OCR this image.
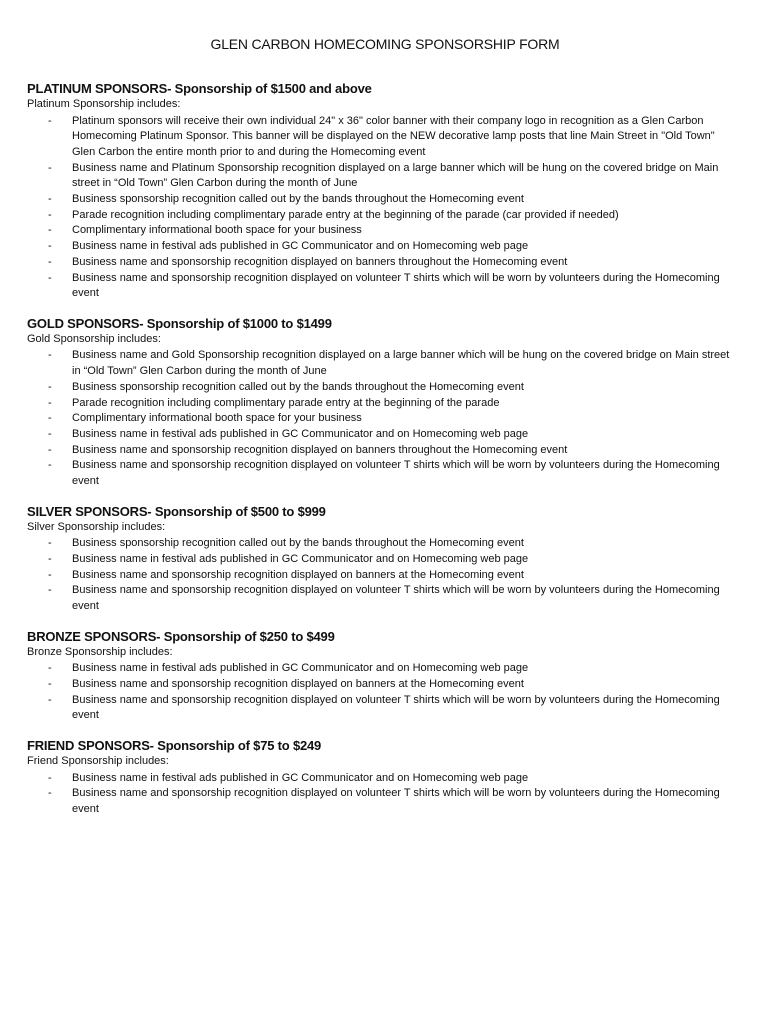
GLEN CARBON HOMECOMING SPONSORSHIP FORM
PLATINUM SPONSORS- Sponsorship of $1500 and above
Platinum Sponsorship includes:
- Platinum sponsors will receive their own individual 24" x 36" color banner with their company logo in recognition as a Glen Carbon Homecoming Platinum Sponsor. This banner will be displayed on the NEW decorative lamp posts that line Main Street in "Old Town" Glen Carbon the entire month prior to and during the Homecoming event
- Business name and Platinum Sponsorship recognition displayed on a large banner which will be hung on the covered bridge on Main street in “Old Town” Glen Carbon during the month of June
- Business sponsorship recognition called out by the bands throughout the Homecoming event
- Parade recognition including complimentary parade entry at the beginning of the parade (car provided if needed)
- Complimentary informational booth space for your business
- Business name in festival ads published in GC Communicator and on Homecoming web page
- Business name and sponsorship recognition displayed on banners throughout the Homecoming event
- Business name and sponsorship recognition displayed on volunteer T shirts which will be worn by volunteers during the Homecoming event
GOLD SPONSORS- Sponsorship of $1000 to $1499
Gold Sponsorship includes:
- Business name and Gold Sponsorship recognition displayed on a large banner which will be hung on the covered bridge on Main street in “Old Town” Glen Carbon during the month of June
- Business sponsorship recognition called out by the bands throughout the Homecoming event
- Parade recognition including complimentary parade entry at the beginning of the parade
- Complimentary informational booth space for your business
- Business name in festival ads published in GC Communicator and on Homecoming web page
- Business name and sponsorship recognition displayed on banners throughout the Homecoming event
- Business name and sponsorship recognition displayed on volunteer T shirts which will be worn by volunteers during the Homecoming event
SILVER SPONSORS- Sponsorship of $500 to $999
Silver Sponsorship includes:
- Business sponsorship recognition called out by the bands throughout the Homecoming event
- Business name in festival ads published in GC Communicator and on Homecoming web page
- Business name and sponsorship recognition displayed on banners at the Homecoming event
- Business name and sponsorship recognition displayed on volunteer T shirts which will be worn by volunteers during the Homecoming event
BRONZE SPONSORS- Sponsorship of $250 to $499
Bronze Sponsorship includes:
- Business name in festival ads published in GC Communicator and on Homecoming web page
- Business name and sponsorship recognition displayed on banners at the Homecoming event
- Business name and sponsorship recognition displayed on volunteer T shirts which will be worn by volunteers during the Homecoming event
FRIEND SPONSORS- Sponsorship of $75 to $249
Friend Sponsorship includes:
- Business name in festival ads published in GC Communicator and on Homecoming web page
- Business name and sponsorship recognition displayed on volunteer T shirts which will be worn by volunteers during the Homecoming event
